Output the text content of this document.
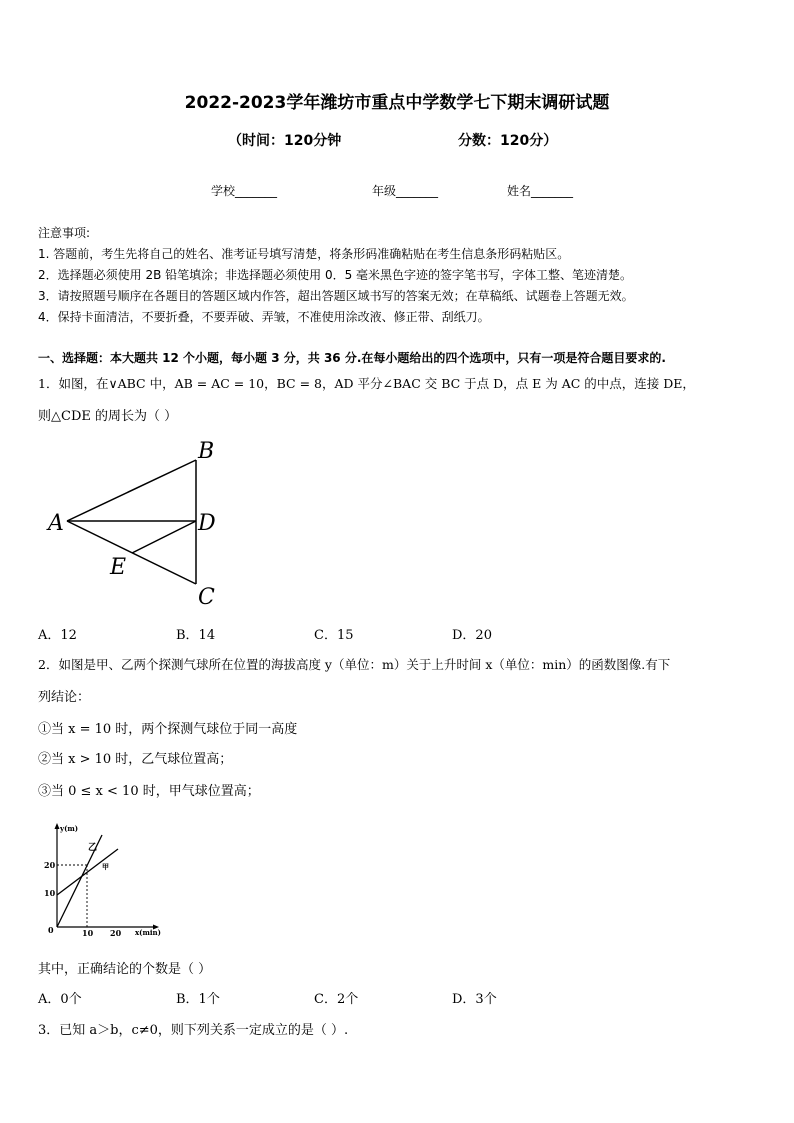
2022-2023学年潍坊市重点中学数学七下期末调研试题
（时间：120分钟	分数：120分）
学校_______	年级_______	姓名_______
注意事项:
1. 答题前，考生先将自己的姓名、准考证号填写清楚，将条形码准确粘贴在考生信息条形码粘贴区。
2．选择题必须使用 2B 铅笔填涂；非选择题必须使用 0．5 毫米黑色字迹的签字笔书写，字体工整、笔迹清楚。
3．请按照题号顺序在各题目的答题区域内作答，超出答题区域书写的答案无效；在草稿纸、试题卷上答题无效。
4．保持卡面清洁，不要折叠，不要弄破、弄皱，不准使用涂改液、修正带、刮纸刀。
一、选择题：本大题共 12 个小题，每小题 3 分，共 36 分.在每小题给出的四个选项中，只有一项是符合题目要求的.
1．如图，在∨ABC 中，AB = AC = 10，BC = 8，AD 平分∠BAC 交 BC 于点 D，点 E 为 AC 的中点，连接 DE，
则△CDE 的周长为（ ）
B
A	D
E
C
A．12	B．14	C．15	D．20
2．如图是甲、乙两个探测气球所在位置的海拔高度 y（单位：m）关于上升时间 x（单位：min）的函数图像.有下
列结论：
①当 x = 10 时，两个探测气球位于同一高度
②当 x > 10 时，乙气球位置高；
③当 0 ≤ x < 10 时，甲气球位置高；
y(m)
x(min)
0
20
10
10 20
乙
甲
其中，正确结论的个数是（ ）
A．0个	B．1个	C．2个	D．3个
3．已知 a＞b，c≠0，则下列关系一定成立的是（ ）.
